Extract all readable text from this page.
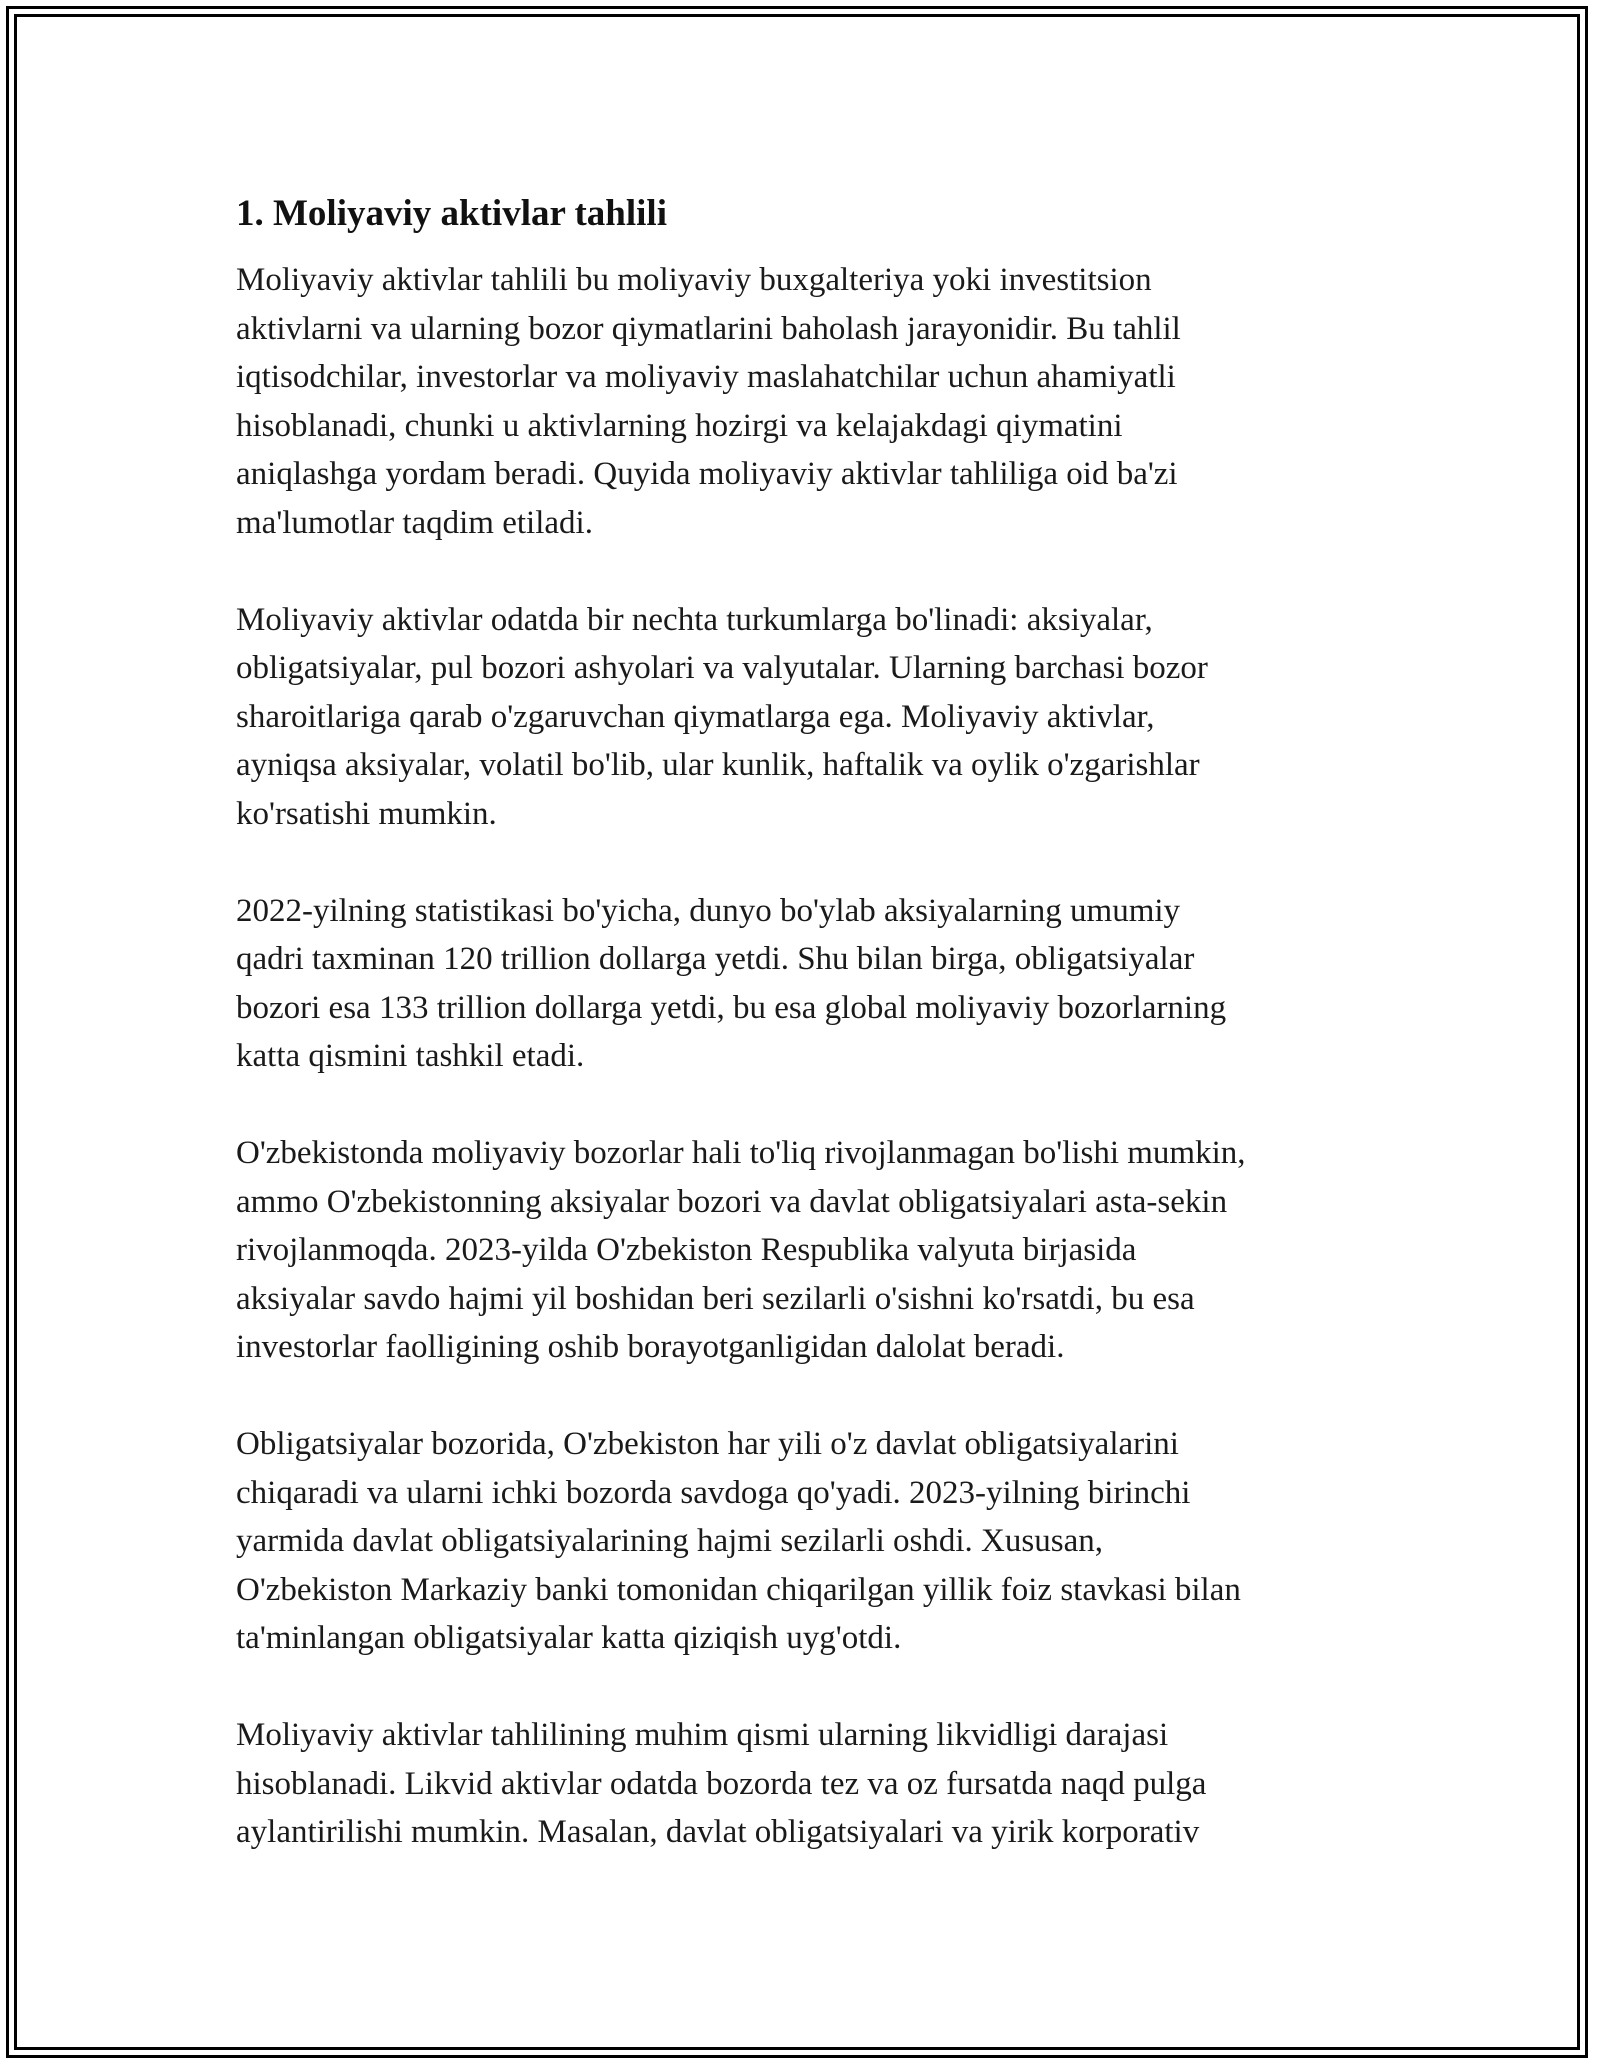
1. Moliyaviy aktivlar tahlili

Moliyaviy aktivlar tahlili bu moliyaviy buxgalteriya yoki investitsion
aktivlarni va ularning bozor qiymatlarini baholash jarayonidir. Bu tahlil
iqtisodchilar, investorlar va moliyaviy maslahatchilar uchun ahamiyatli
hisoblanadi, chunki u aktivlarning hozirgi va kelajakdagi qiymatini
aniqlashga yordam beradi. Quyida moliyaviy aktivlar tahliliga oid ba'zi
ma'lumotlar taqdim etiladi.

Moliyaviy aktivlar odatda bir nechta turkumlarga bo'linadi: aksiyalar,
obligatsiyalar, pul bozori ashyolari va valyutalar. Ularning barchasi bozor
sharoitlariga qarab o'zgaruvchan qiymatlarga ega. Moliyaviy aktivlar,
ayniqsa aksiyalar, volatil bo'lib, ular kunlik, haftalik va oylik o'zgarishlar
ko'rsatishi mumkin.

2022-yilning statistikasi bo'yicha, dunyo bo'ylab aksiyalarning umumiy
qadri taxminan 120 trillion dollarga yetdi. Shu bilan birga, obligatsiyalar
bozori esa 133 trillion dollarga yetdi, bu esa global moliyaviy bozorlarning
katta qismini tashkil etadi.

O'zbekistonda moliyaviy bozorlar hali to'liq rivojlanmagan bo'lishi mumkin,
ammo O'zbekistonning aksiyalar bozori va davlat obligatsiyalari asta-sekin
rivojlanmoqda. 2023-yilda O'zbekiston Respublika valyuta birjasida
aksiyalar savdo hajmi yil boshidan beri sezilarli o'sishni ko'rsatdi, bu esa
investorlar faolligining oshib borayotganligidan dalolat beradi.

Obligatsiyalar bozorida, O'zbekiston har yili o'z davlat obligatsiyalarini
chiqaradi va ularni ichki bozorda savdoga qo'yadi. 2023-yilning birinchi
yarmida davlat obligatsiyalarining hajmi sezilarli oshdi. Xususan,
O'zbekiston Markaziy banki tomonidan chiqarilgan yillik foiz stavkasi bilan
ta'minlangan obligatsiyalar katta qiziqish uyg'otdi.

Moliyaviy aktivlar tahlilining muhim qismi ularning likvidligi darajasi
hisoblanadi. Likvid aktivlar odatda bozorda tez va oz fursatda naqd pulga
aylantirilishi mumkin. Masalan, davlat obligatsiyalari va yirik korporativ
